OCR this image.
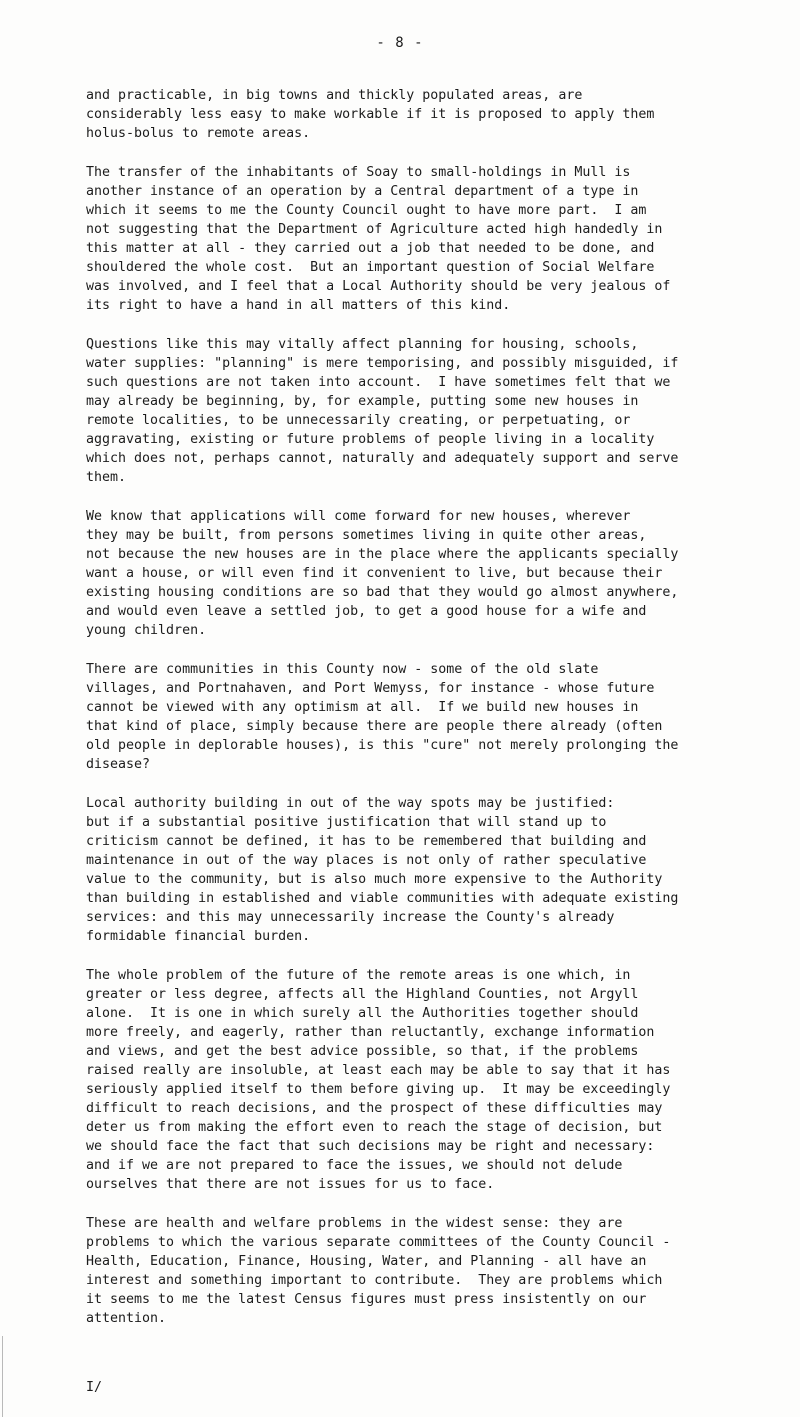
- 8 -
and practicable, in big towns and thickly populated areas, are
considerably less easy to make workable if it is proposed to apply them
holus-bolus to remote areas.
The transfer of the inhabitants of Soay to small-holdings in Mull is
another instance of an operation by a Central department of a type in
which it seems to me the County Council ought to have more part.  I am
not suggesting that the Department of Agriculture acted high handedly in
this matter at all - they carried out a job that needed to be done, and
shouldered the whole cost.  But an important question of Social Welfare
was involved, and I feel that a Local Authority should be very jealous of
its right to have a hand in all matters of this kind.
Questions like this may vitally affect planning for housing, schools,
water supplies: "planning" is mere temporising, and possibly misguided, if
such questions are not taken into account.  I have sometimes felt that we
may already be beginning, by, for example, putting some new houses in
remote localities, to be unnecessarily creating, or perpetuating, or
aggravating, existing or future problems of people living in a locality
which does not, perhaps cannot, naturally and adequately support and serve
them.
We know that applications will come forward for new houses, wherever
they may be built, from persons sometimes living in quite other areas,
not because the new houses are in the place where the applicants specially
want a house, or will even find it convenient to live, but because their
existing housing conditions are so bad that they would go almost anywhere,
and would even leave a settled job, to get a good house for a wife and
young children.
There are communities in this County now - some of the old slate
villages, and Portnahaven, and Port Wemyss, for instance - whose future
cannot be viewed with any optimism at all.  If we build new houses in
that kind of place, simply because there are people there already (often
old people in deplorable houses), is this "cure" not merely prolonging the
disease?
Local authority building in out of the way spots may be justified:
but if a substantial positive justification that will stand up to
criticism cannot be defined, it has to be remembered that building and
maintenance in out of the way places is not only of rather speculative
value to the community, but is also much more expensive to the Authority
than building in established and viable communities with adequate existing
services: and this may unnecessarily increase the County's already
formidable financial burden.
The whole problem of the future of the remote areas is one which, in
greater or less degree, affects all the Highland Counties, not Argyll
alone.  It is one in which surely all the Authorities together should
more freely, and eagerly, rather than reluctantly, exchange information
and views, and get the best advice possible, so that, if the problems
raised really are insoluble, at least each may be able to say that it has
seriously applied itself to them before giving up.  It may be exceedingly
difficult to reach decisions, and the prospect of these difficulties may
deter us from making the effort even to reach the stage of decision, but
we should face the fact that such decisions may be right and necessary:
and if we are not prepared to face the issues, we should not delude
ourselves that there are not issues for us to face.
These are health and welfare problems in the widest sense: they are
problems to which the various separate committees of the County Council -
Health, Education, Finance, Housing, Water, and Planning - all have an
interest and something important to contribute.  They are problems which
it seems to me the latest Census figures must press insistently on our
attention.
I/
